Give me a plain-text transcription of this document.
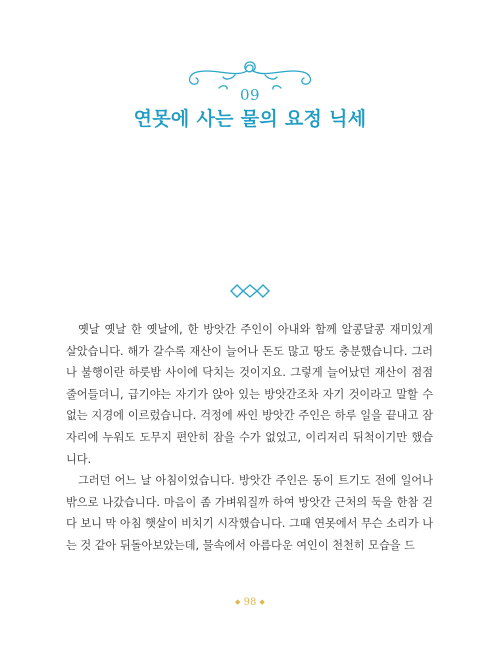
09
연못에 사는 물의 요정 닉세

옛날 옛날 한 옛날에, 한 방앗간 주인이 아내와 함께 알콩달콩 재미있게 살았습니다. 해가 갈수록 재산이 늘어나 돈도 많고 땅도 충분했습니다. 그러나 불행이란 하룻밤 사이에 닥치는 것이지요. 그렇게 늘어났던 재산이 점점 줄어들더니, 급기야는 자기가 앉아 있는 방앗간조차 자기 것이라고 말할 수 없는 지경에 이르렀습니다. 걱정에 싸인 방앗간 주인은 하루 일을 끝내고 잠자리에 누워도 도무지 편안히 잠을 수가 없었고, 이리저리 뒤척이기만 했습니다.

그러던 어느 날 아침이었습니다. 방앗간 주인은 동이 트기도 전에 일어나 밖으로 나갔습니다. 마음이 좀 가벼워질까 하여 방앗간 근처의 둑을 한참 걷다 보니 막 아침 햇살이 비치기 시작했습니다. 그때 연못에서 무슨 소리가 나는 것 같아 뒤돌아보았는데, 물속에서 아름다운 여인이 천천히 모습을 드

◆ 98 ◆
